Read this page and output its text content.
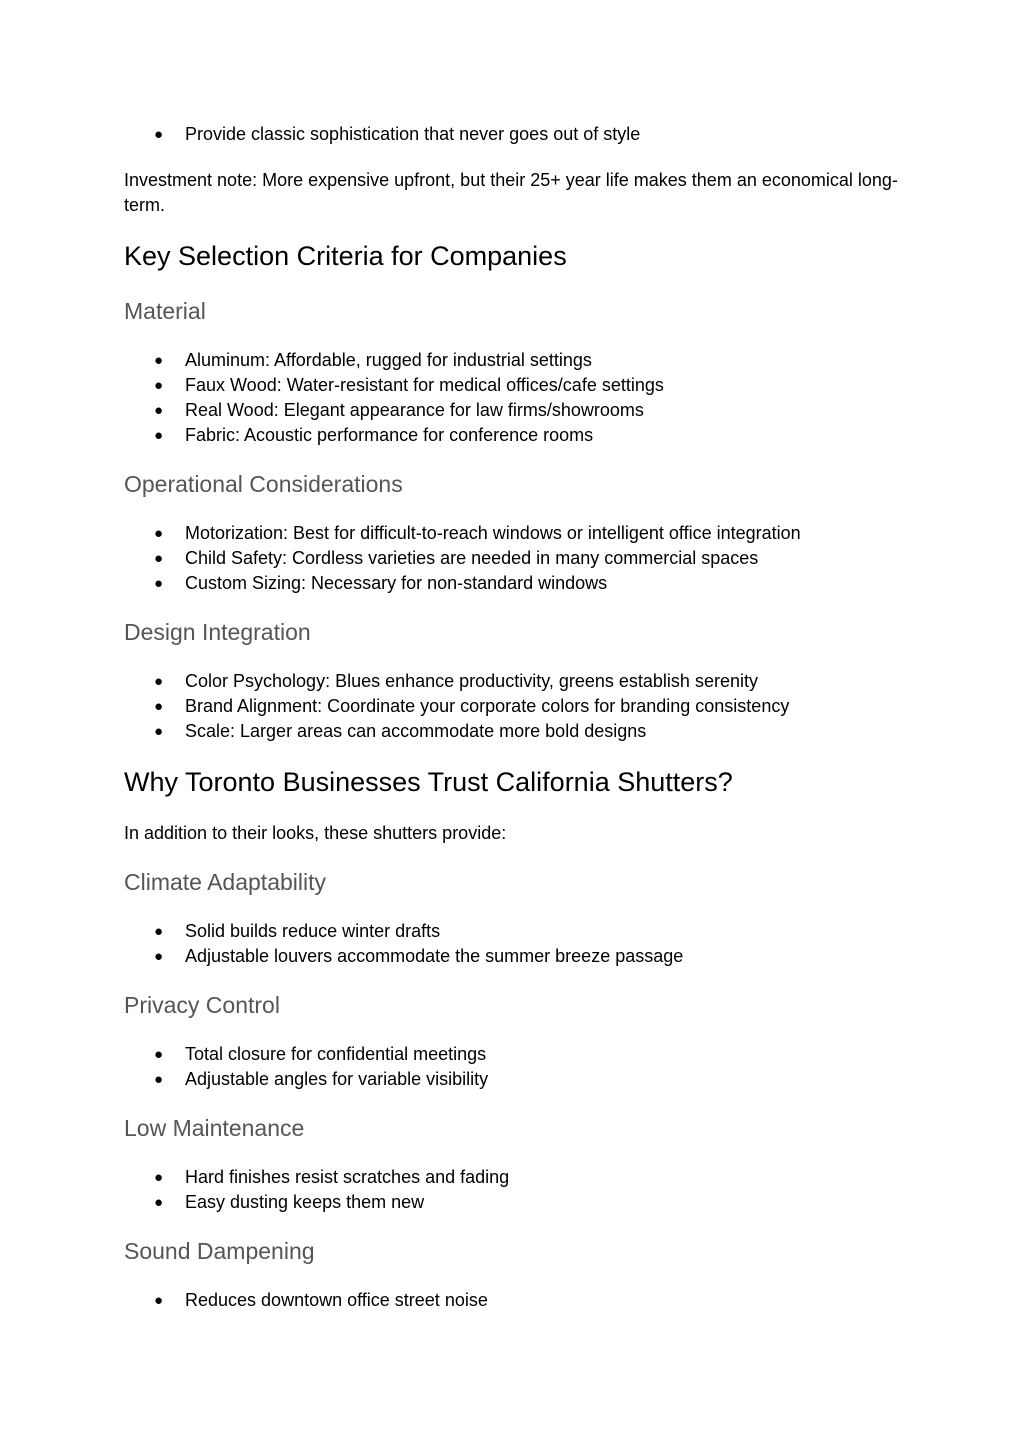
● Provide classic sophistication that never goes out of style

Investment note: More expensive upfront, but their 25+ year life makes them an economical long-term.

Key Selection Criteria for Companies
Material
● Aluminum: Affordable, rugged for industrial settings
● Faux Wood: Water-resistant for medical offices/cafe settings
● Real Wood: Elegant appearance for law firms/showrooms
● Fabric: Acoustic performance for conference rooms
Operational Considerations
● Motorization: Best for difficult-to-reach windows or intelligent office integration
● Child Safety: Cordless varieties are needed in many commercial spaces
● Custom Sizing: Necessary for non-standard windows
Design Integration
● Color Psychology: Blues enhance productivity, greens establish serenity
● Brand Alignment: Coordinate your corporate colors for branding consistency
● Scale: Larger areas can accommodate more bold designs
Why Toronto Businesses Trust California Shutters?

In addition to their looks, these shutters provide:

Climate Adaptability
● Solid builds reduce winter drafts
● Adjustable louvers accommodate the summer breeze passage
Privacy Control
● Total closure for confidential meetings
● Adjustable angles for variable visibility
Low Maintenance
● Hard finishes resist scratches and fading
● Easy dusting keeps them new
Sound Dampening
● Reduces downtown office street noise
